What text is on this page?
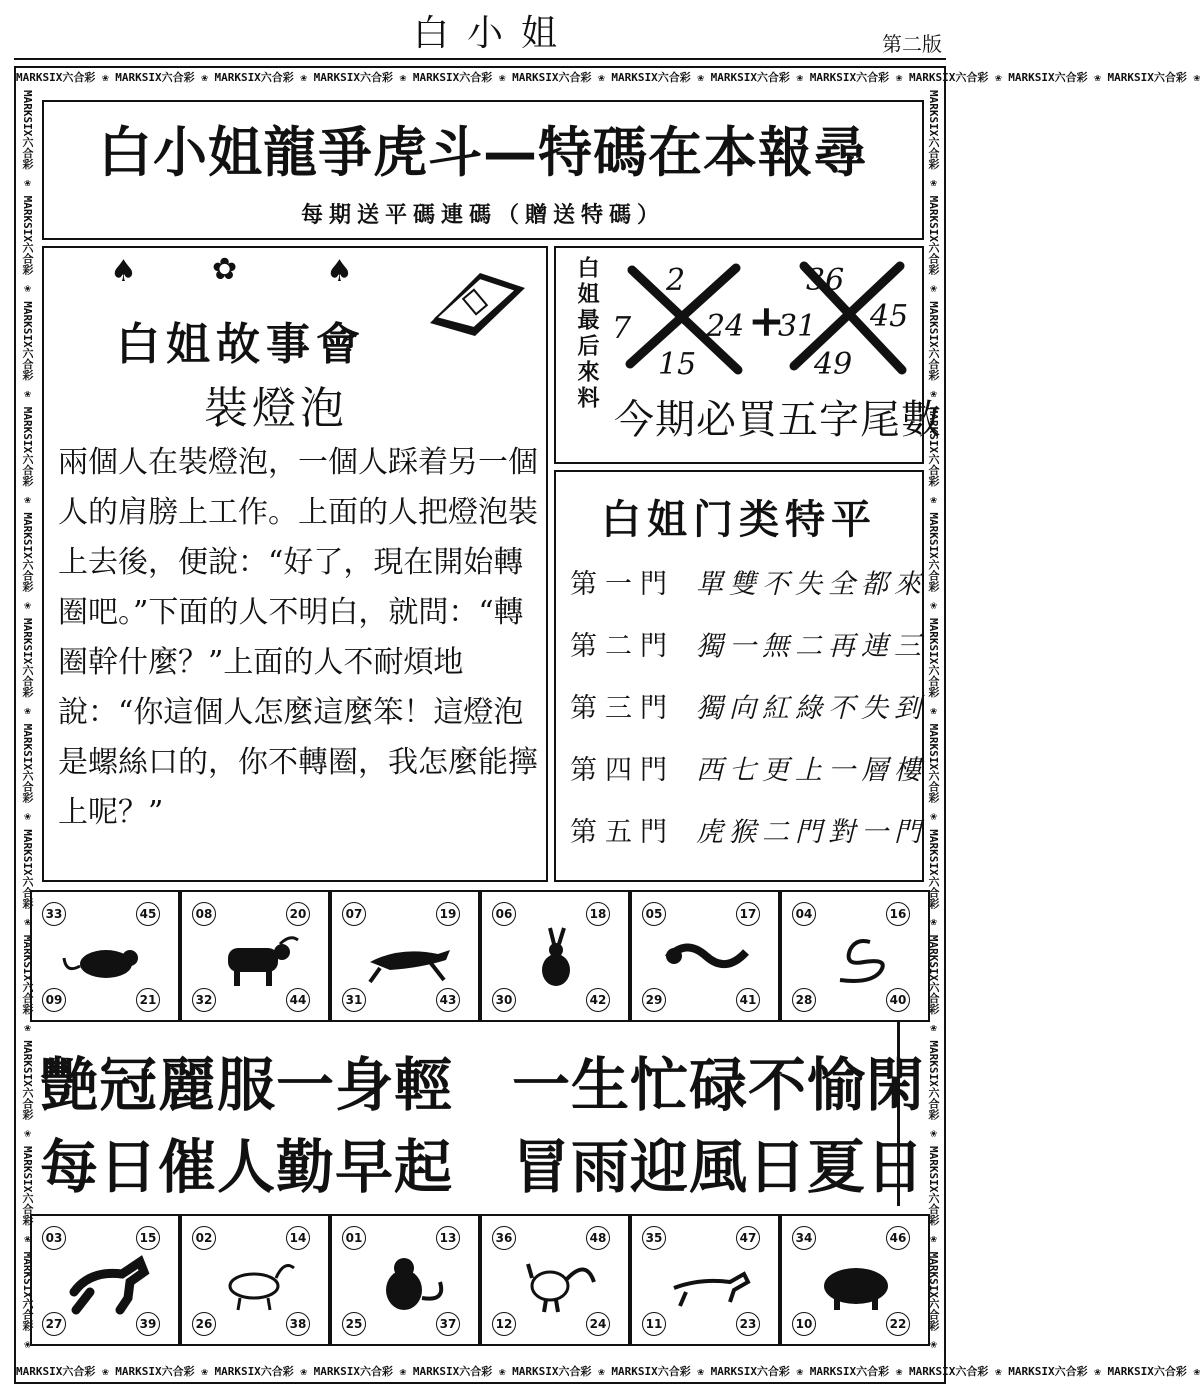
白小姐	第二版
MARKSIX六合彩 ❀ MARKSIX六合彩 ❀ MARKSIX六合彩 ❀ MARKSIX六合彩 ❀ MARKSIX六合彩 ❀ MARKSIX六合彩 ❀ MARKSIX六合彩 ❀ MARKSIX六合彩 ❀ MARKSIX六合彩 ❀ MARKSIX六合彩 ❀ MARKSIX六合彩 ❀ MARKSIX六合彩 ❀
MARKSIX六合彩 ❀ MARKSIX六合彩 ❀ MARKSIX六合彩 ❀ MARKSIX六合彩 ❀ MARKSIX六合彩 ❀ MARKSIX六合彩 ❀ MARKSIX六合彩 ❀ MARKSIX六合彩 ❀ MARKSIX六合彩 ❀ MARKSIX六合彩 ❀ MARKSIX六合彩 ❀ MARKSIX六合彩 ❀
MARKSIX六合彩 ❀ MARKSIX六合彩 ❀ MARKSIX六合彩 ❀ MARKSIX六合彩 ❀ MARKSIX六合彩 ❀ MARKSIX六合彩 ❀ MARKSIX六合彩 ❀ MARKSIX六合彩 ❀ MARKSIX六合彩 ❀ MARKSIX六合彩 ❀ MARKSIX六合彩 ❀ MARKSIX六合彩 ❀	MARKSIX六合彩 ❀ MARKSIX六合彩 ❀ MARKSIX六合彩 ❀ MARKSIX六合彩 ❀ MARKSIX六合彩 ❀ MARKSIX六合彩 ❀ MARKSIX六合彩 ❀ MARKSIX六合彩 ❀ MARKSIX六合彩 ❀ MARKSIX六合彩 ❀ MARKSIX六合彩 ❀ MARKSIX六合彩 ❀
白小姐龍爭虎斗—特碼在本報尋
每期送平碼連碼（贈送特碼）
♠	✿	♠
白姐故事會
裝燈泡
兩個人在裝燈泡，一個人踩着另一個人的肩膀上工作。上面的人把燈泡裝上去後，便說：“好了，現在開始轉圈吧。”下面的人不明白，就問：“轉圈幹什麼？”上面的人不耐煩地說：“你這個人怎麼這麼笨！這燈泡是螺絲口的，你不轉圈，我怎麼能擰上呢？”
白姐最后來料 2
7
15
24 +
31
36
45
49
今期必買五字尾數
白姐门类特平
第一門 單雙不失全都來
第二門 獨一無二再連三
第三門 獨向紅綠不失到
第四門 西七更上一層樓
第五門 虎猴二門對一門
33	45
09	21
08	20
32	44
07	19
31	43
06	18
30	42
05	17
29	41
04	16
28	40
艷冠麗服一身輕　一生忙碌不愉閑
每日催人勤早起　冒雨迎風日夏日
03	15
27	39
02	14
26	38
01	13
25	37
36	48
12	24
35	47
11	23
34	46
10	22
